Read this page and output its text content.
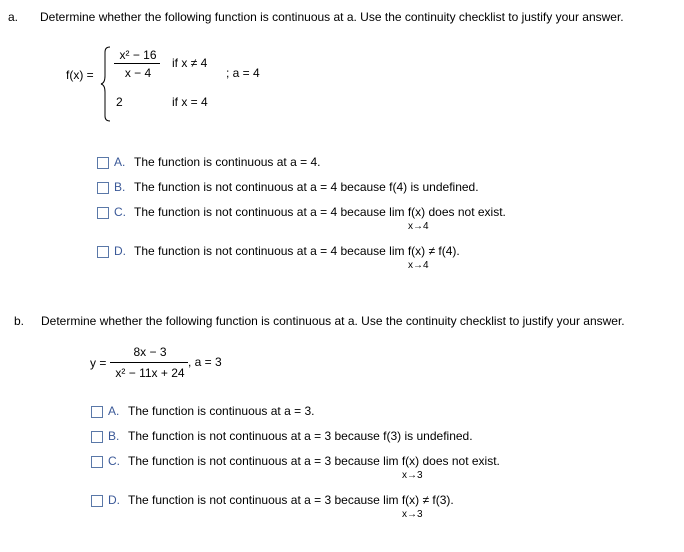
a. Determine whether the following function is continuous at a. Use the continuity checklist to justify your answer.
f(x) =
x² − 16
x − 4
if x ≠ 4
; a = 4
2	if x = 4
A. The function is continuous at a = 4.
B. The function is not continuous at a = 4 because f(4) is undefined.
C. The function is not continuous at a = 4 because lim f(x) does not exist.
x→4
D. The function is not continuous at a = 4 because lim f(x) ≠ f(4).
x→4
b. Determine whether the following function is continuous at a. Use the continuity checklist to justify your answer.
y =
8x − 3
x² − 11x + 24
, a = 3
A. The function is continuous at a = 3.
B. The function is not continuous at a = 3 because f(3) is undefined.
C. The function is not continuous at a = 3 because lim f(x) does not exist.
x→3
D. The function is not continuous at a = 3 because lim f(x) ≠ f(3).
x→3
